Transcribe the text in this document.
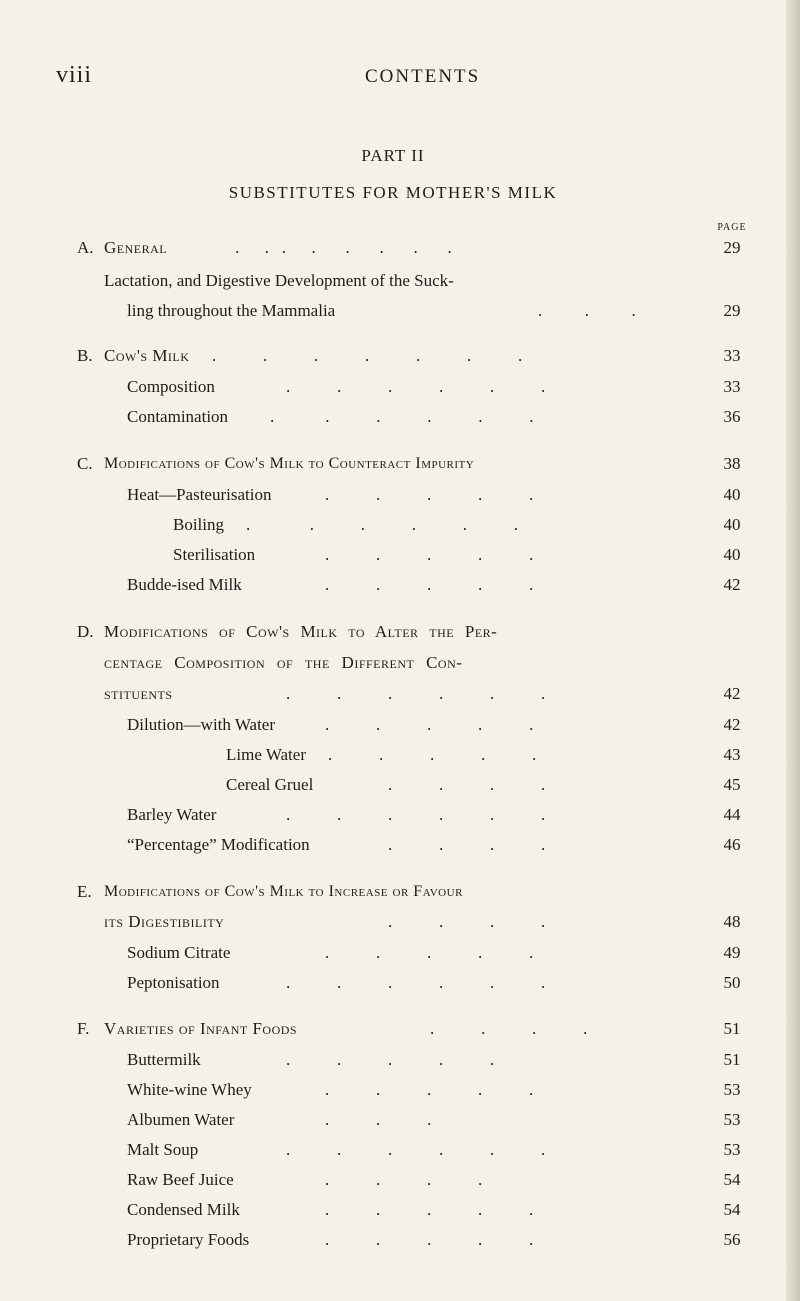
viii	CONTENTS
PART II
SUBSTITUTES FOR MOTHER'S MILK
PAGE
A. General	.      .   .      .       .       .       .       .	29
Lactation, and Digestive Development of the Suck-
ling throughout the Mammalia	.          .          .	29
B. Cow's Milk .           .           .           .           .           .           .	33
Composition	.           .           .           .           .           .	33
Contamination .            .           .           .           .           .	36
C. Modifications of Cow's Milk to Counteract Impurity	38
Heat—Pasteurisation	.           .           .           .           .	40
Boiling .              .           .           .           .           .	40
Sterilisation	.           .           .           .           .	40
Budde-ised Milk	.           .           .           .           .	42
D. Modifications of Cow's Milk to Alter the Per-
centage Composition of the Different Con-
stituents	.           .           .           .           .           .	42
Dilution—with Water	.           .           .           .           .	42
Lime Water .           .           .           .           .	43
Cereal Gruel	.           .           .           .	45
Barley Water	.           .           .           .           .           .	44
“Percentage” Modification	.           .           .           .	46
E. Modifications of Cow's Milk to Increase or Favour
its Digestibility	.           .           .           .	48
Sodium Citrate	.           .           .           .           .	49
Peptonisation	.           .           .           .           .           .	50
F. Varieties of Infant Foods	.           .           .           .	51
Buttermilk	.           .           .           .           .	51
White-wine Whey	.           .           .           .           .	53
Albumen Water	.           .           .	53
Malt Soup	.           .           .           .           .           .	53
Raw Beef Juice	.           .           .           .	54
Condensed Milk	.           .           .           .           .	54
Proprietary Foods	.           .           .           .           .	56
